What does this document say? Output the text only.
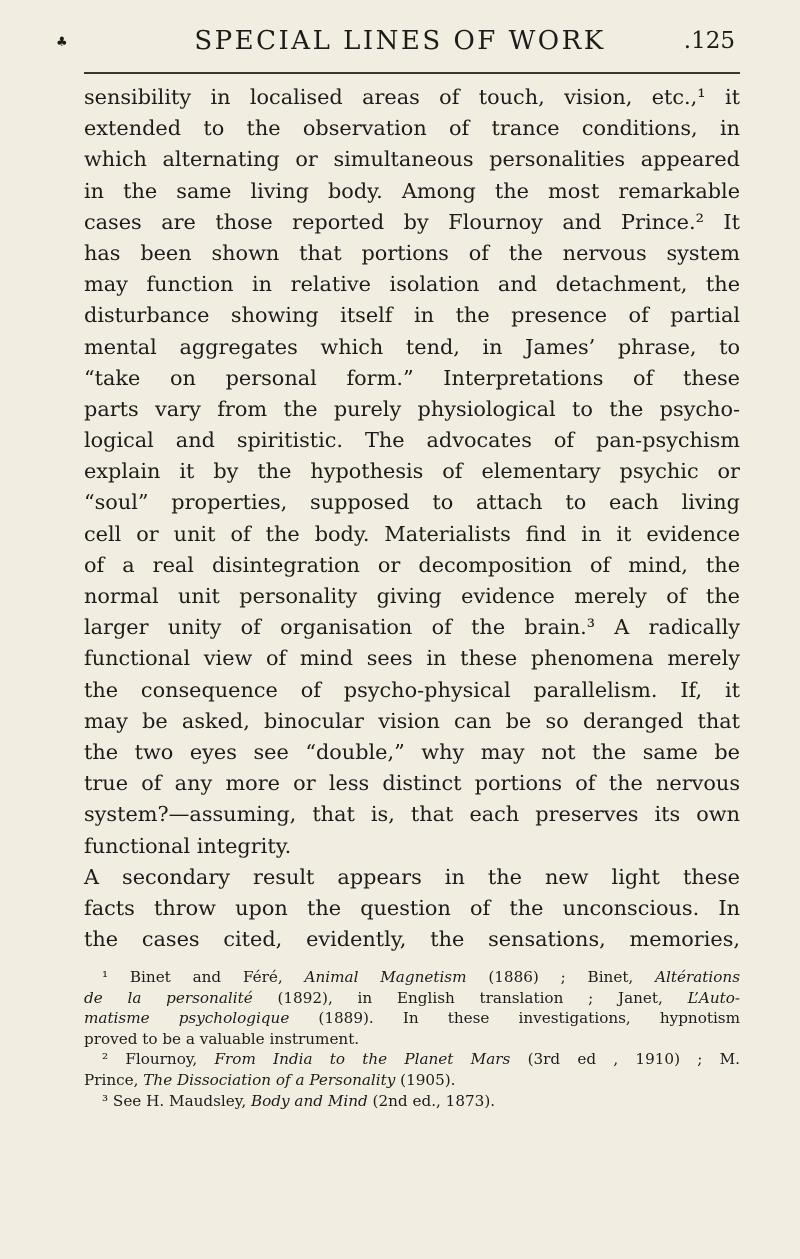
♣	SPECIAL LINES OF WORK	.125
sensibility in localised areas of touch, vision, etc.,¹ it
extended to the observation of trance conditions, in
which alternating or simultaneous personalities appeared
in the same living body. Among the most remarkable
cases are those reported by Flournoy and Prince.² It
has been shown that portions of the nervous system
may function in relative isolation and detachment, the
disturbance showing itself in the presence of partial
mental aggregates which tend, in James’ phrase, to
“take on personal form.” Interpretations of these
parts vary from the purely physiological to the psycho-
logical and spiritistic. The advocates of pan-psychism
explain it by the hypothesis of elementary psychic or
“soul” properties, supposed to attach to each living
cell or unit of the body. Materialists find in it evidence
of a real disintegration or decomposition of mind, the
normal unit personality giving evidence merely of the
larger unity of organisation of the brain.³ A radically
functional view of mind sees in these phenomena merely
the consequence of psycho-physical parallelism. If, it
may be asked, binocular vision can be so deranged that
the two eyes see “double,” why may not the same be
true of any more or less distinct portions of the nervous
system?—assuming, that is, that each preserves its own
functional integrity.
A secondary result appears in the new light these
facts throw upon the question of the unconscious. In
the cases cited, evidently, the sensations, memories,
¹ Binet and Féré, Animal Magnetism (1886) ; Binet, Altérations
de la personalité (1892), in English translation ; Janet, L’Auto-
matisme psychologique (1889). In these investigations, hypnotism
proved to be a valuable instrument.
² Flournoy, From India to the Planet Mars (3rd ed , 1910) ; M.
Prince, The Dissociation of a Personality (1905).
³ See H. Maudsley, Body and Mind (2nd ed., 1873).
